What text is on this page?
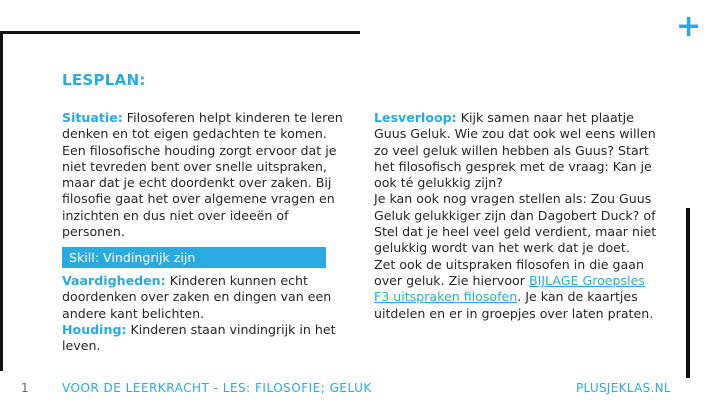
+
LESPLAN:
Situatie: Filosoferen helpt kinderen te leren denken en tot eigen gedachten te komen. Een filosofische houding zorgt ervoor dat je niet tevreden bent over snelle uitspraken, maar dat je echt doordenkt over zaken. Bij filosofie gaat het over algemene vragen en inzichten en dus niet over ideeën of personen.
Skill: Vindingrijk zijn
Vaardigheden: Kinderen kunnen echt doordenken over zaken en dingen van een andere kant belichten.
Houding: Kinderen staan vindingrijk in het leven.
Lesverloop: Kijk samen naar het plaatje Guus Geluk. Wie zou dat ook wel eens willen zo veel geluk willen hebben als Guus? Start het filosofisch gesprek met de vraag: Kan je ook té gelukkig zijn?
Je kan ook nog vragen stellen als: Zou Guus Geluk gelukkiger zijn dan Dagobert Duck? of Stel dat je heel veel geld verdient, maar niet gelukkig wordt van het werk dat je doet.
Zet ook de uitspraken filosofen in die gaan over geluk. Zie hiervoor BIJLAGE Groepsles F3 uitspraken filosofen. Je kan de kaartjes uitdelen en er in groepjes over laten praten.
1	VOOR DE LEERKRACHT - LES: FILOSOFIE; GELUK	PLUSJEKLAS.NL
